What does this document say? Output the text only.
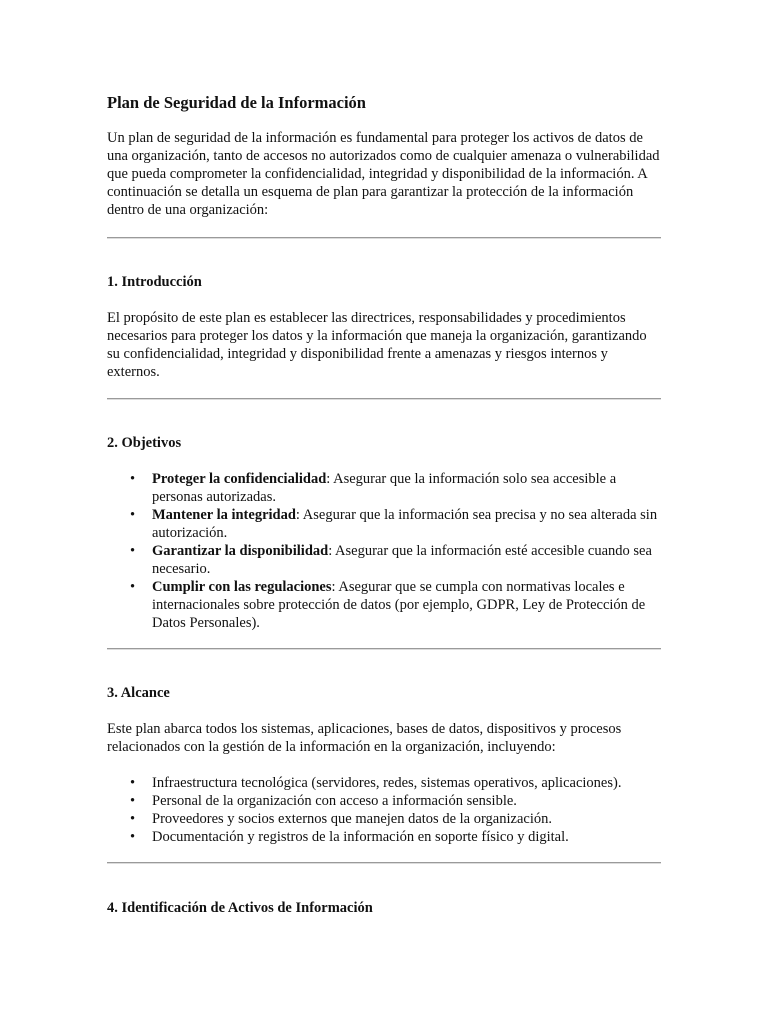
Plan de Seguridad de la Información

Un plan de seguridad de la información es fundamental para proteger los activos de datos de una organización, tanto de accesos no autorizados como de cualquier amenaza o vulnerabilidad que pueda comprometer la confidencialidad, integridad y disponibilidad de la información. A continuación se detalla un esquema de plan para garantizar la protección de la información dentro de una organización:

1. Introducción

El propósito de este plan es establecer las directrices, responsabilidades y procedimientos necesarios para proteger los datos y la información que maneja la organización, garantizando su confidencialidad, integridad y disponibilidad frente a amenazas y riesgos internos y externos.

2. Objetivos
• Proteger la confidencialidad: Asegurar que la información solo sea accesible a personas autorizadas.
• Mantener la integridad: Asegurar que la información sea precisa y no sea alterada sin autorización.
• Garantizar la disponibilidad: Asegurar que la información esté accesible cuando sea necesario.
• Cumplir con las regulaciones: Asegurar que se cumpla con normativas locales e internacionales sobre protección de datos (por ejemplo, GDPR, Ley de Protección de Datos Personales).
3. Alcance

Este plan abarca todos los sistemas, aplicaciones, bases de datos, dispositivos y procesos relacionados con la gestión de la información en la organización, incluyendo:

• Infraestructura tecnológica (servidores, redes, sistemas operativos, aplicaciones).
• Personal de la organización con acceso a información sensible.
• Proveedores y socios externos que manejen datos de la organización.
• Documentación y registros de la información en soporte físico y digital.
4. Identificación de Activos de Información
